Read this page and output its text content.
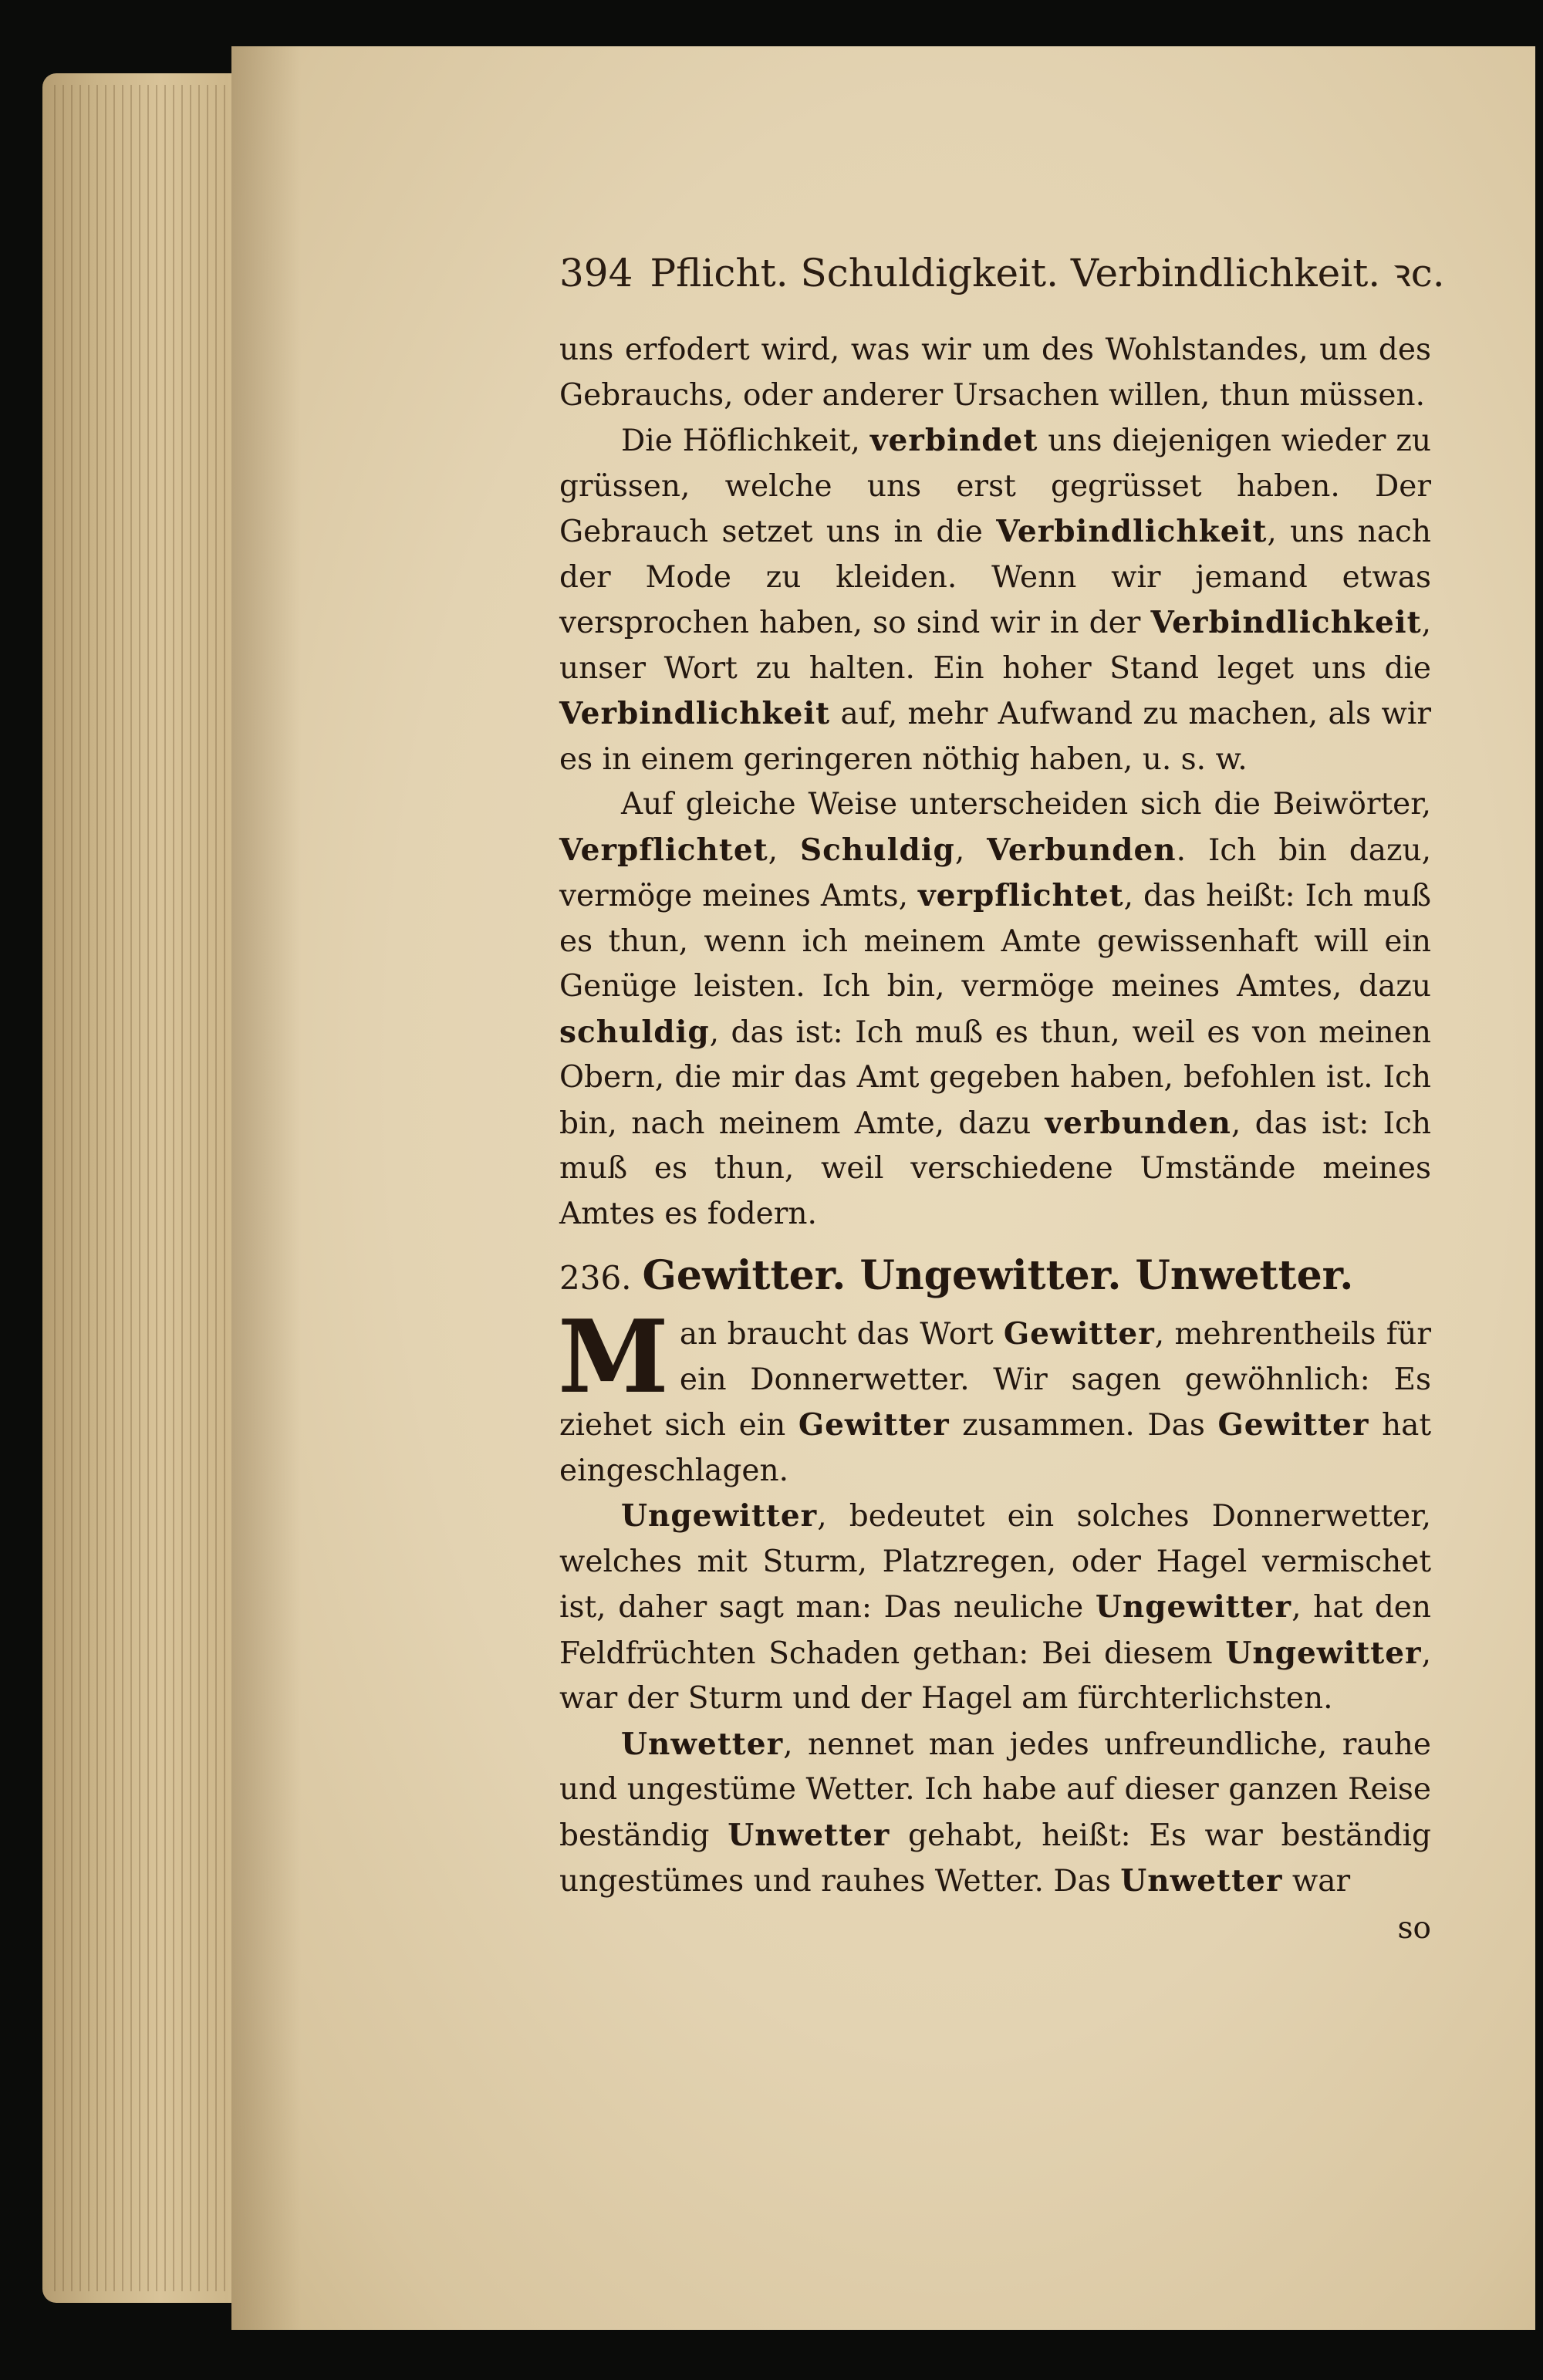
394 Pflicht. Schuldigkeit. Verbindlichkeit. ꝛc.

uns erfodert wird, was wir um des Wohlstandes, um des Gebrauchs, oder anderer Ursachen willen, thun müssen.

Die Höflichkeit, verbindet uns diejenigen wieder zu grüssen, welche uns erst gegrüsset haben. Der Gebrauch setzet uns in die Verbindlichkeit, uns nach der Mode zu kleiden. Wenn wir jemand etwas versprochen haben, so sind wir in der Verbindlichkeit, unser Wort zu halten. Ein hoher Stand leget uns die Verbindlichkeit auf, mehr Aufwand zu machen, als wir es in einem geringeren nöthig haben, u. s. w.

Auf gleiche Weise unterscheiden sich die Beiwörter, Verpflichtet, Schuldig, Verbunden. Ich bin dazu, vermöge meines Amts, verpflichtet, das heißt: Ich muß es thun, wenn ich meinem Amte gewissenhaft will ein Genüge leisten. Ich bin, vermöge meines Amtes, dazu schuldig, das ist: Ich muß es thun, weil es von meinen Obern, die mir das Amt gegeben haben, befohlen ist. Ich bin, nach meinem Amte, dazu verbunden, das ist: Ich muß es thun, weil verschiedene Umstände meines Amtes es fodern.

236. Gewitter. Ungewitter. Unwetter.

Man braucht das Wort Gewitter, mehrentheils für ein Donnerwetter. Wir sagen gewöhnlich: Es ziehet sich ein Gewitter zusammen. Das Gewitter hat eingeschlagen.

Ungewitter, bedeutet ein solches Donnerwetter, welches mit Sturm, Platzregen, oder Hagel vermischet ist, daher sagt man: Das neuliche Ungewitter, hat den Feldfrüchten Schaden gethan: Bei diesem Ungewitter, war der Sturm und der Hagel am fürchterlichsten.

Unwetter, nennet man jedes unfreundliche, rauhe und ungestüme Wetter. Ich habe auf dieser ganzen Reise beständig Unwetter gehabt, heißt: Es war beständig ungestümes und rauhes Wetter. Das Unwetter war

so
